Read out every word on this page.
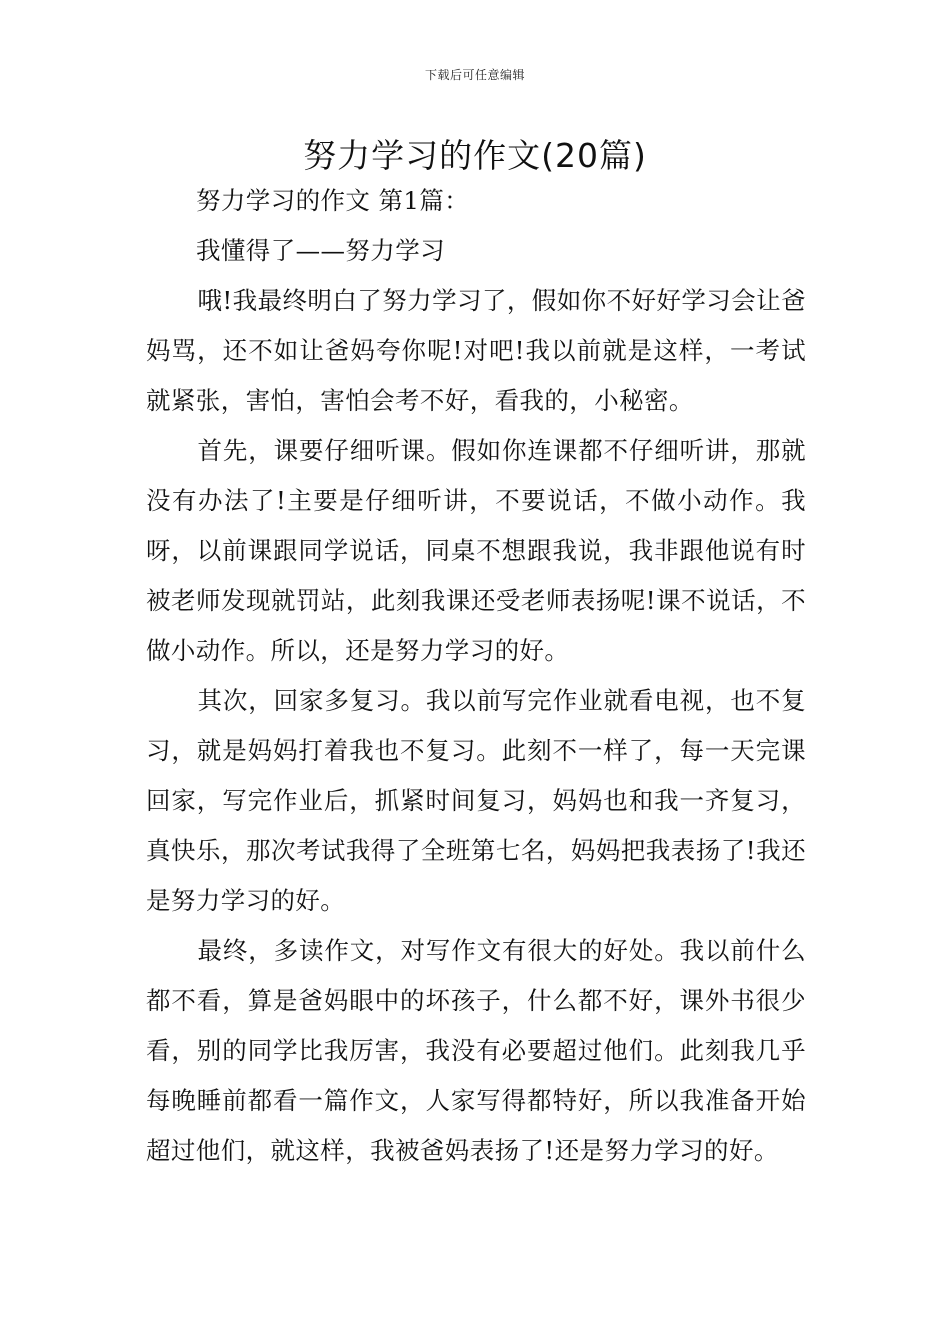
下载后可任意编辑
努力学习的作文(20篇)

努力学习的作文 第1篇：

我懂得了——努力学习

哦!我最终明白了努力学习了，假如你不好好学习会让爸妈骂，还不如让爸妈夸你呢!对吧!我以前就是这样，一考试就紧张，害怕，害怕会考不好，看我的，小秘密。

首先，课要仔细听课。假如你连课都不仔细听讲，那就没有办法了!主要是仔细听讲，不要说话，不做小动作。我呀，以前课跟同学说话，同桌不想跟我说，我非跟他说有时被老师发现就罚站，此刻我课还受老师表扬呢!课不说话，不做小动作。所以，还是努力学习的好。

其次，回家多复习。我以前写完作业就看电视，也不复习，就是妈妈打着我也不复习。此刻不一样了，每一天完课回家，写完作业后，抓紧时间复习，妈妈也和我一齐复习，真快乐，那次考试我得了全班第七名，妈妈把我表扬了!我还是努力学习的好。

最终，多读作文，对写作文有很大的好处。我以前什么都不看，算是爸妈眼中的坏孩子，什么都不好，课外书很少看，别的同学比我厉害，我没有必要超过他们。此刻我几乎每晚睡前都看一篇作文，人家写得都特好，所以我准备开始超过他们，就这样，我被爸妈表扬了!还是努力学习的好。
